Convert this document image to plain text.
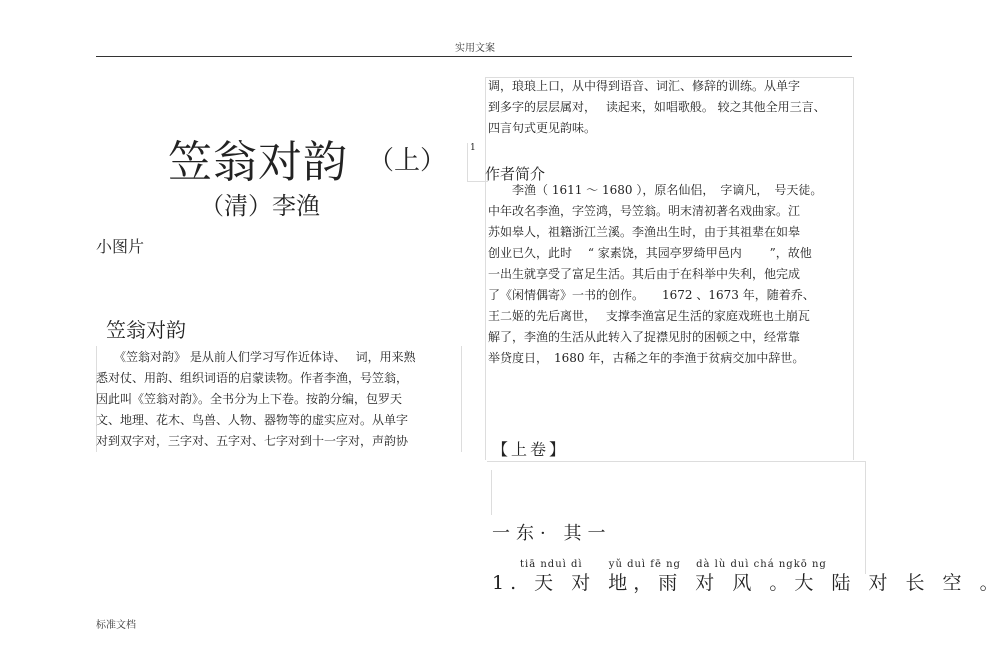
实用文案
笠翁对韵 （上）
（清）李渔
小图片
笠翁对韵
　　《笠翁对韵》 是从前人们学习写作近体诗、　 词，用来熟
悉对仗、用韵、组织词语的启蒙读物。作者李渔，号笠翁，
因此叫《笠翁对韵》。全书分为上下卷。按韵分编，包罗天
文、地理、花木、鸟兽、人物、器物等的虚实应对。从单字
对到双字对，三字对、五字对、七字对到十一字对，声韵协
调，琅琅上口，从中得到语音、词汇、修辞的训练。从单字
到多字的层层属对，　 读起来，如唱歌般。 较之其他全用三言、
四言句式更见韵味。
1
作者简介
　　李渔（ 1611 ～ 1680 ），原名仙侣，　字谪凡，　号天徒。
中年改名李渔，字笠鸿，号笠翁。明末清初著名戏曲家。江
苏如皋人，祖籍浙江兰溪。李渔出生时，由于其祖辈在如皋
创业已久，此时　 “ 家素饶，其园亭罗绮甲邑内　　 ”，故他
一出生就享受了富足生活。其后由于在科举中失利，他完成
了《闲情偶寄》一书的创作。　　1672 、1673 年，随着乔、
王二姬的先后离世，　 支撑李渔富足生活的家庭戏班也土崩瓦
解了，李渔的生活从此转入了捉襟见肘的困顿之中，经常靠
举贷度日，　1680 年，古稀之年的李渔于贫病交加中辞世。
【上卷】
一东· 其一
tiā nduì dì　　 yǔ duì fē ng　 dà lù duì chá ngkō ng
1. 天 对 地，雨 对 风 。大 陆 对 长 空 。
标准文档
